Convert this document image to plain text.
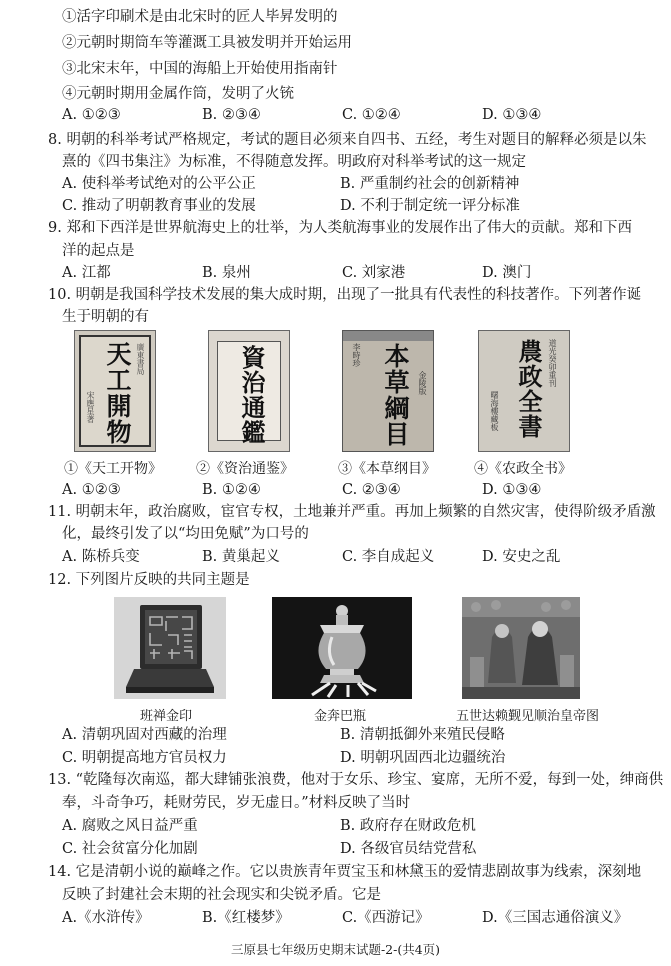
①活字印刷术是由北宋时的匠人毕昇发明的
②元朝时期筒车等灌溉工具被发明并开始运用
③北宋末年，中国的海船上开始使用指南针
④元朝时期用金属作筒，发明了火铳
A. ①②③	B. ②③④	C. ①②④	D. ①③④
8. 明朝的科举考试严格规定，考试的题目必须来自四书、五经，考生对题目的解释必须是以朱
熹的《四书集注》为标准，不得随意发挥。明政府对科举考试的这一规定
A. 使科举考试绝对的公平公正	B. 严重制约社会的创新精神
C. 推动了明朝教育事业的发展	D. 不利于制定统一评分标准
9. 郑和下西洋是世界航海史上的壮举，为人类航海事业的发展作出了伟大的贡献。郑和下西
洋的起点是
A. 江都	B. 泉州	C. 刘家港	D. 澳门
10. 明朝是我国科学技术发展的集大成时期，出现了一批具有代表性的科技著作。下列著作诞
生于明朝的有
天工開物 廣東書局
宋應星著	資治通鑑	李時珍 本草綱目	金陵版	道光癸卯重刊
農政全書
曙海樓藏板
①《天工开物》 ②《资治通鉴》	③《本草纲目》	④《农政全书》
A. ①②③	B. ①②④	C. ②③④	D. ①③④
11. 明朝末年，政治腐败，宦官专权，土地兼并严重。再加上频繁的自然灾害，使得阶级矛盾激
化，最终引发了以“均田免赋”为口号的
A. 陈桥兵变	B. 黄巢起义	C. 李自成起义	D. 安史之乱
12. 下列图片反映的共同主题是
班禅金印	金奔巴瓶	五世达赖觐见顺治皇帝图
A. 清朝巩固对西藏的治理	B. 清朝抵御外来殖民侵略
C. 明朝提高地方官员权力	D. 明朝巩固西北边疆统治
13. “乾隆每次南巡，都大肆铺张浪费，他对于女乐、珍宝、宴席，无所不爱，每到一处，绅商供
奉，斗奇争巧，耗财劳民，岁无虚日。”材料反映了当时
A. 腐败之风日益严重	B. 政府存在财政危机
C. 社会贫富分化加剧	D. 各级官员结党营私
14. 它是清朝小说的巅峰之作。它以贵族青年贾宝玉和林黛玉的爱情悲剧故事为线索，深刻地
反映了封建社会末期的社会现实和尖锐矛盾。它是
A.《水浒传》	B.《红楼梦》	C.《西游记》	D.《三国志通俗演义》
三原县七年级历史期末试题-2-(共4页)
